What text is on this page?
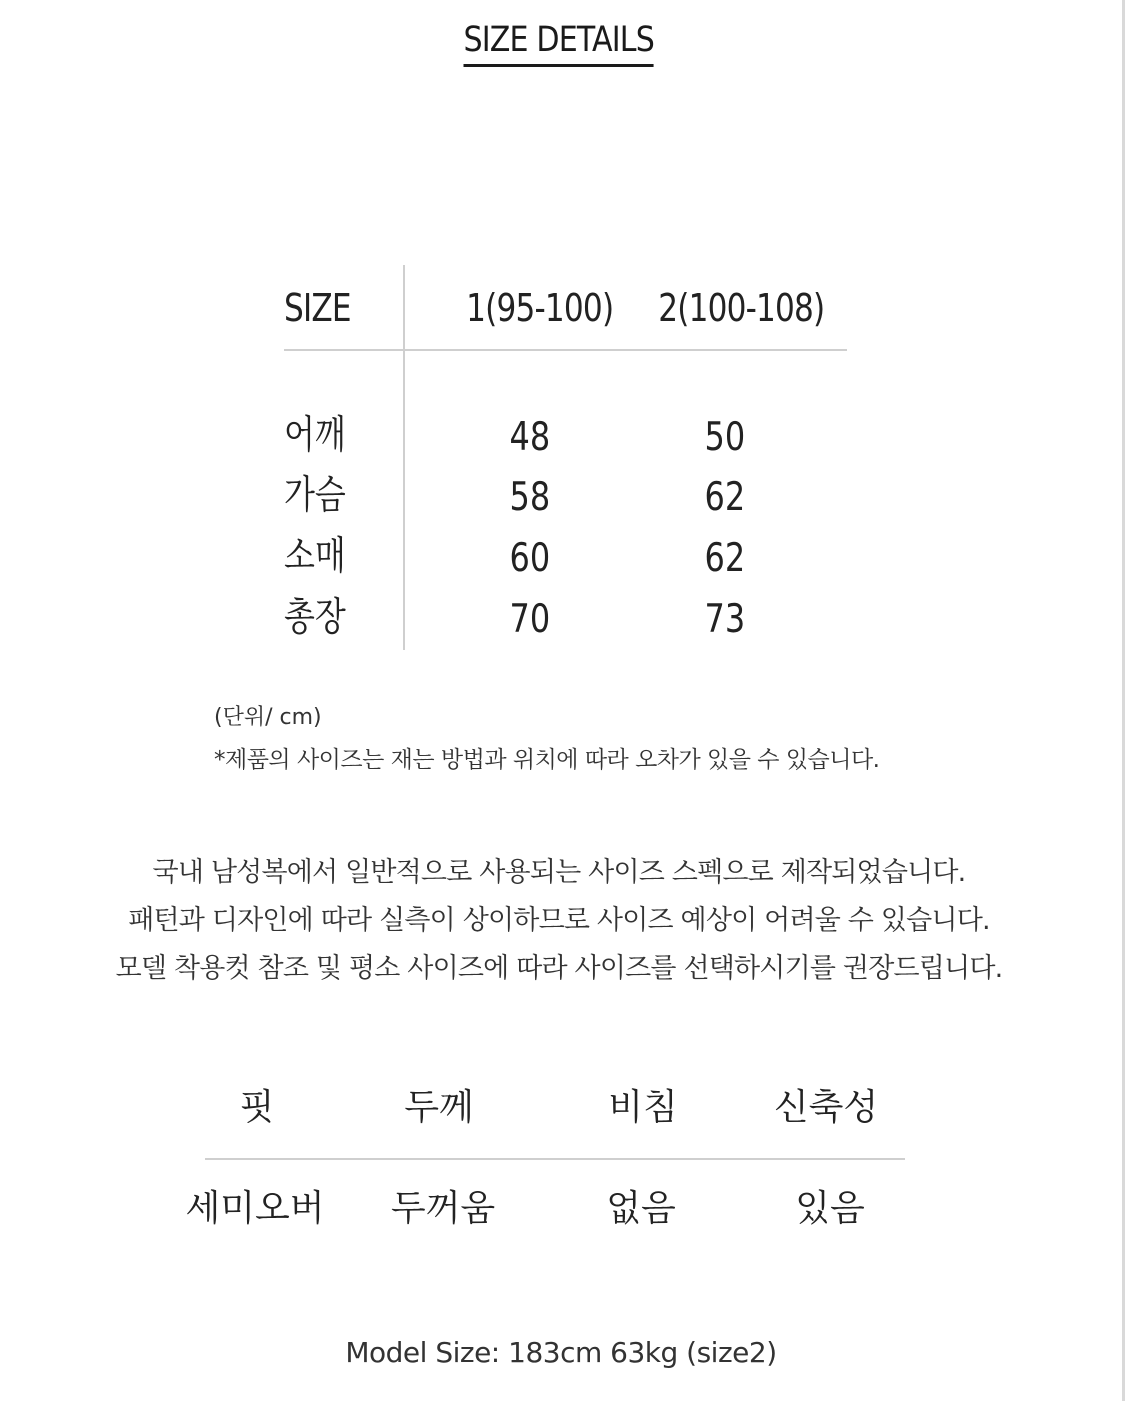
SIZE DETAILS
SIZE	1(95-100)	2(100-108)
어깨	48	50
가슴	58	62
소매	60	62
총장	70	73
(단위/ cm)
*제품의 사이즈는 재는 방법과 위치에 따라 오차가 있을 수 있습니다.
국내 남성복에서 일반적으로 사용되는 사이즈 스펙으로 제작되었습니다.
패턴과 디자인에 따라 실측이 상이하므로 사이즈 예상이 어려울 수 있습니다.
모델 착용컷 참조 및 평소 사이즈에 따라 사이즈를 선택하시기를 권장드립니다.
핏	두께	비침	신축성
세미오버	두꺼움	없음	있음
Model Size: 183cm 63kg (size2)
